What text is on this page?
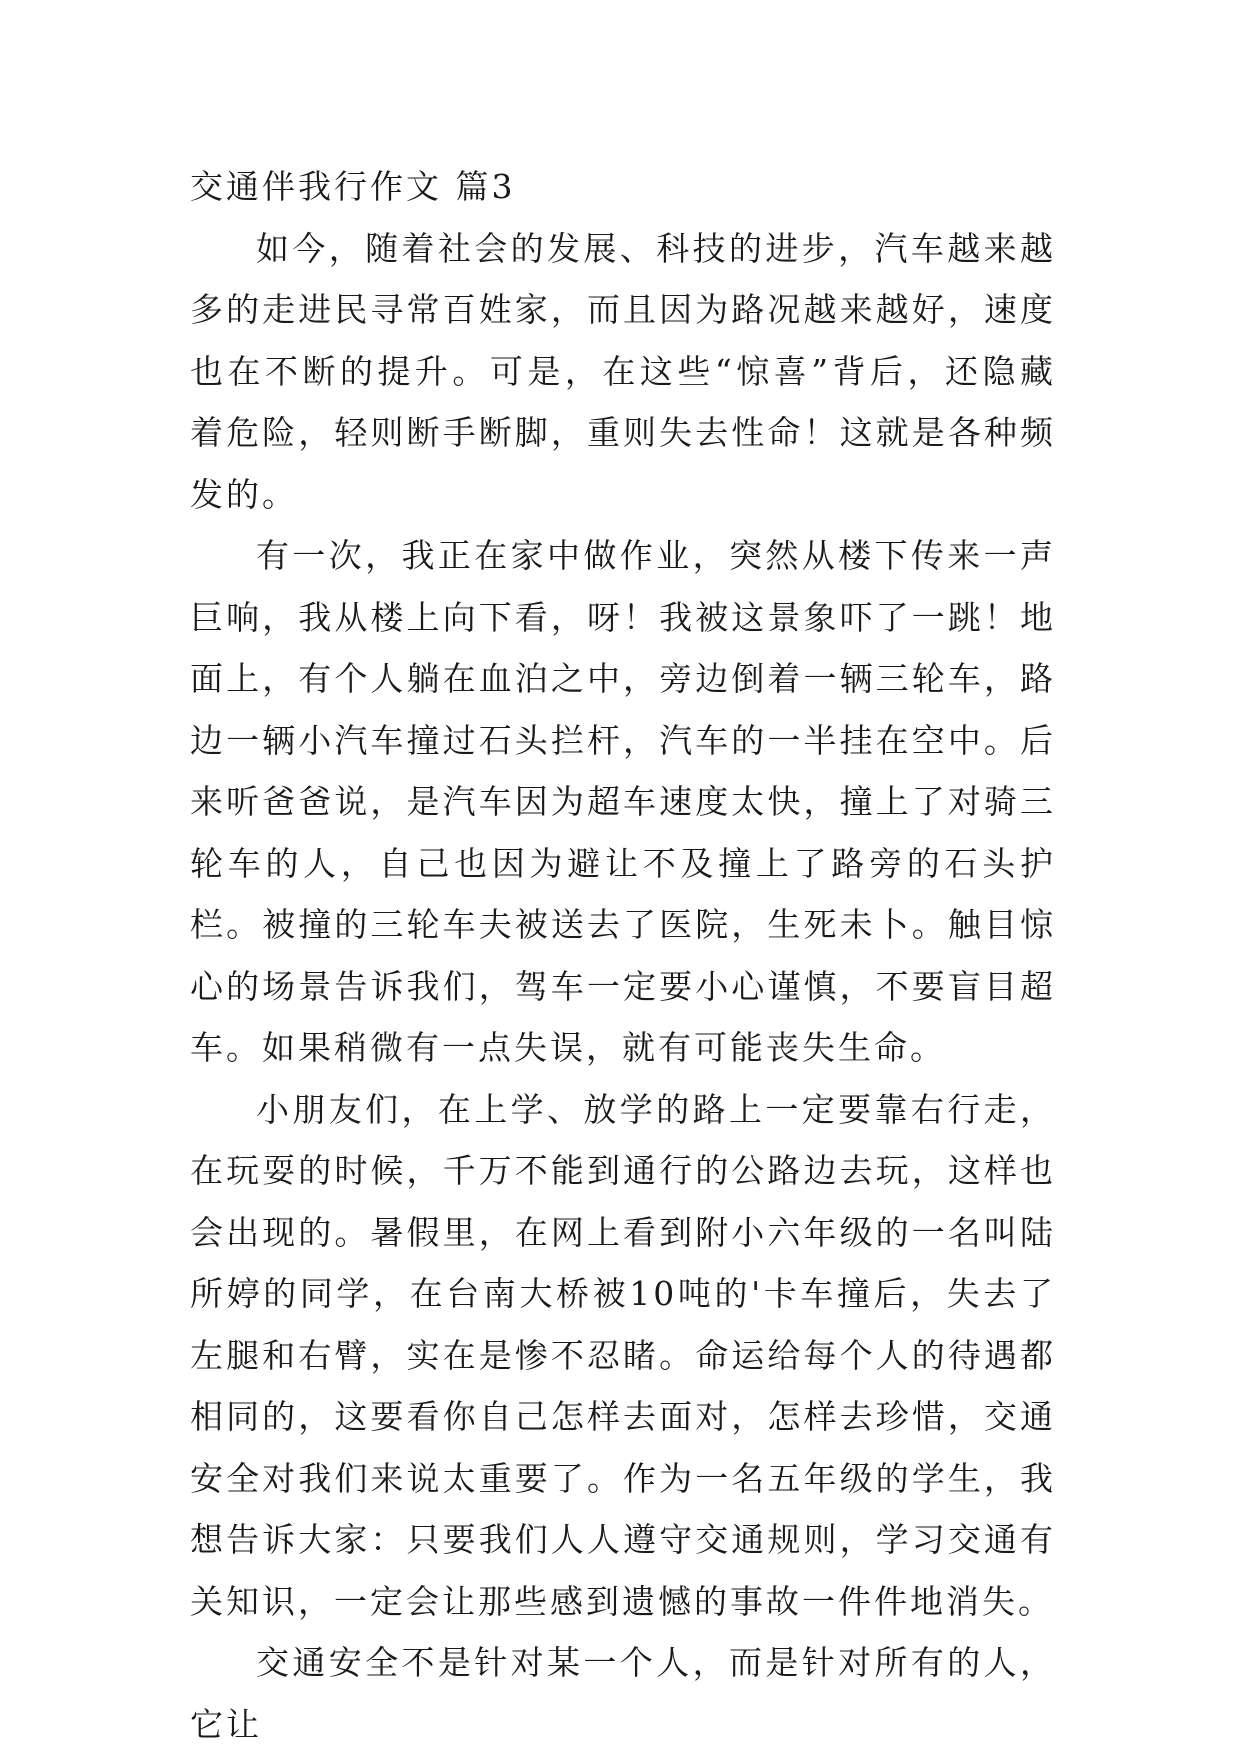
交通伴我行作文 篇3

如今，随着社会的发展、科技的进步，汽车越来越多的走进民寻常百姓家，而且因为路况越来越好，速度也在不断的提升。可是，在这些“惊喜”背后，还隐藏着危险，轻则断手断脚，重则失去性命！这就是各种频发的。

有一次，我正在家中做作业，突然从楼下传来一声巨响，我从楼上向下看，呀！我被这景象吓了一跳！地面上，有个人躺在血泊之中，旁边倒着一辆三轮车，路边一辆小汽车撞过石头拦杆，汽车的一半挂在空中。后来听爸爸说，是汽车因为超车速度太快，撞上了对骑三轮车的人，自己也因为避让不及撞上了路旁的石头护栏。被撞的三轮车夫被送去了医院，生死未卜。触目惊心的场景告诉我们，驾车一定要小心谨慎，不要盲目超车。如果稍微有一点失误，就有可能丧失生命。

小朋友们，在上学、放学的路上一定要靠右行走，在玩耍的时候，千万不能到通行的公路边去玩，这样也会出现的。暑假里，在网上看到附小六年级的一名叫陆所婷的同学，在台南大桥被10吨的'卡车撞后，失去了左腿和右臂，实在是惨不忍睹。命运给每个人的待遇都相同的，这要看你自己怎样去面对，怎样去珍惜，交通安全对我们来说太重要了。作为一名五年级的学生，我想告诉大家：只要我们人人遵守交通规则，学习交通有关知识，一定会让那些感到遗憾的事故一件件地消失。

交通安全不是针对某一个人，而是针对所有的人，它让
